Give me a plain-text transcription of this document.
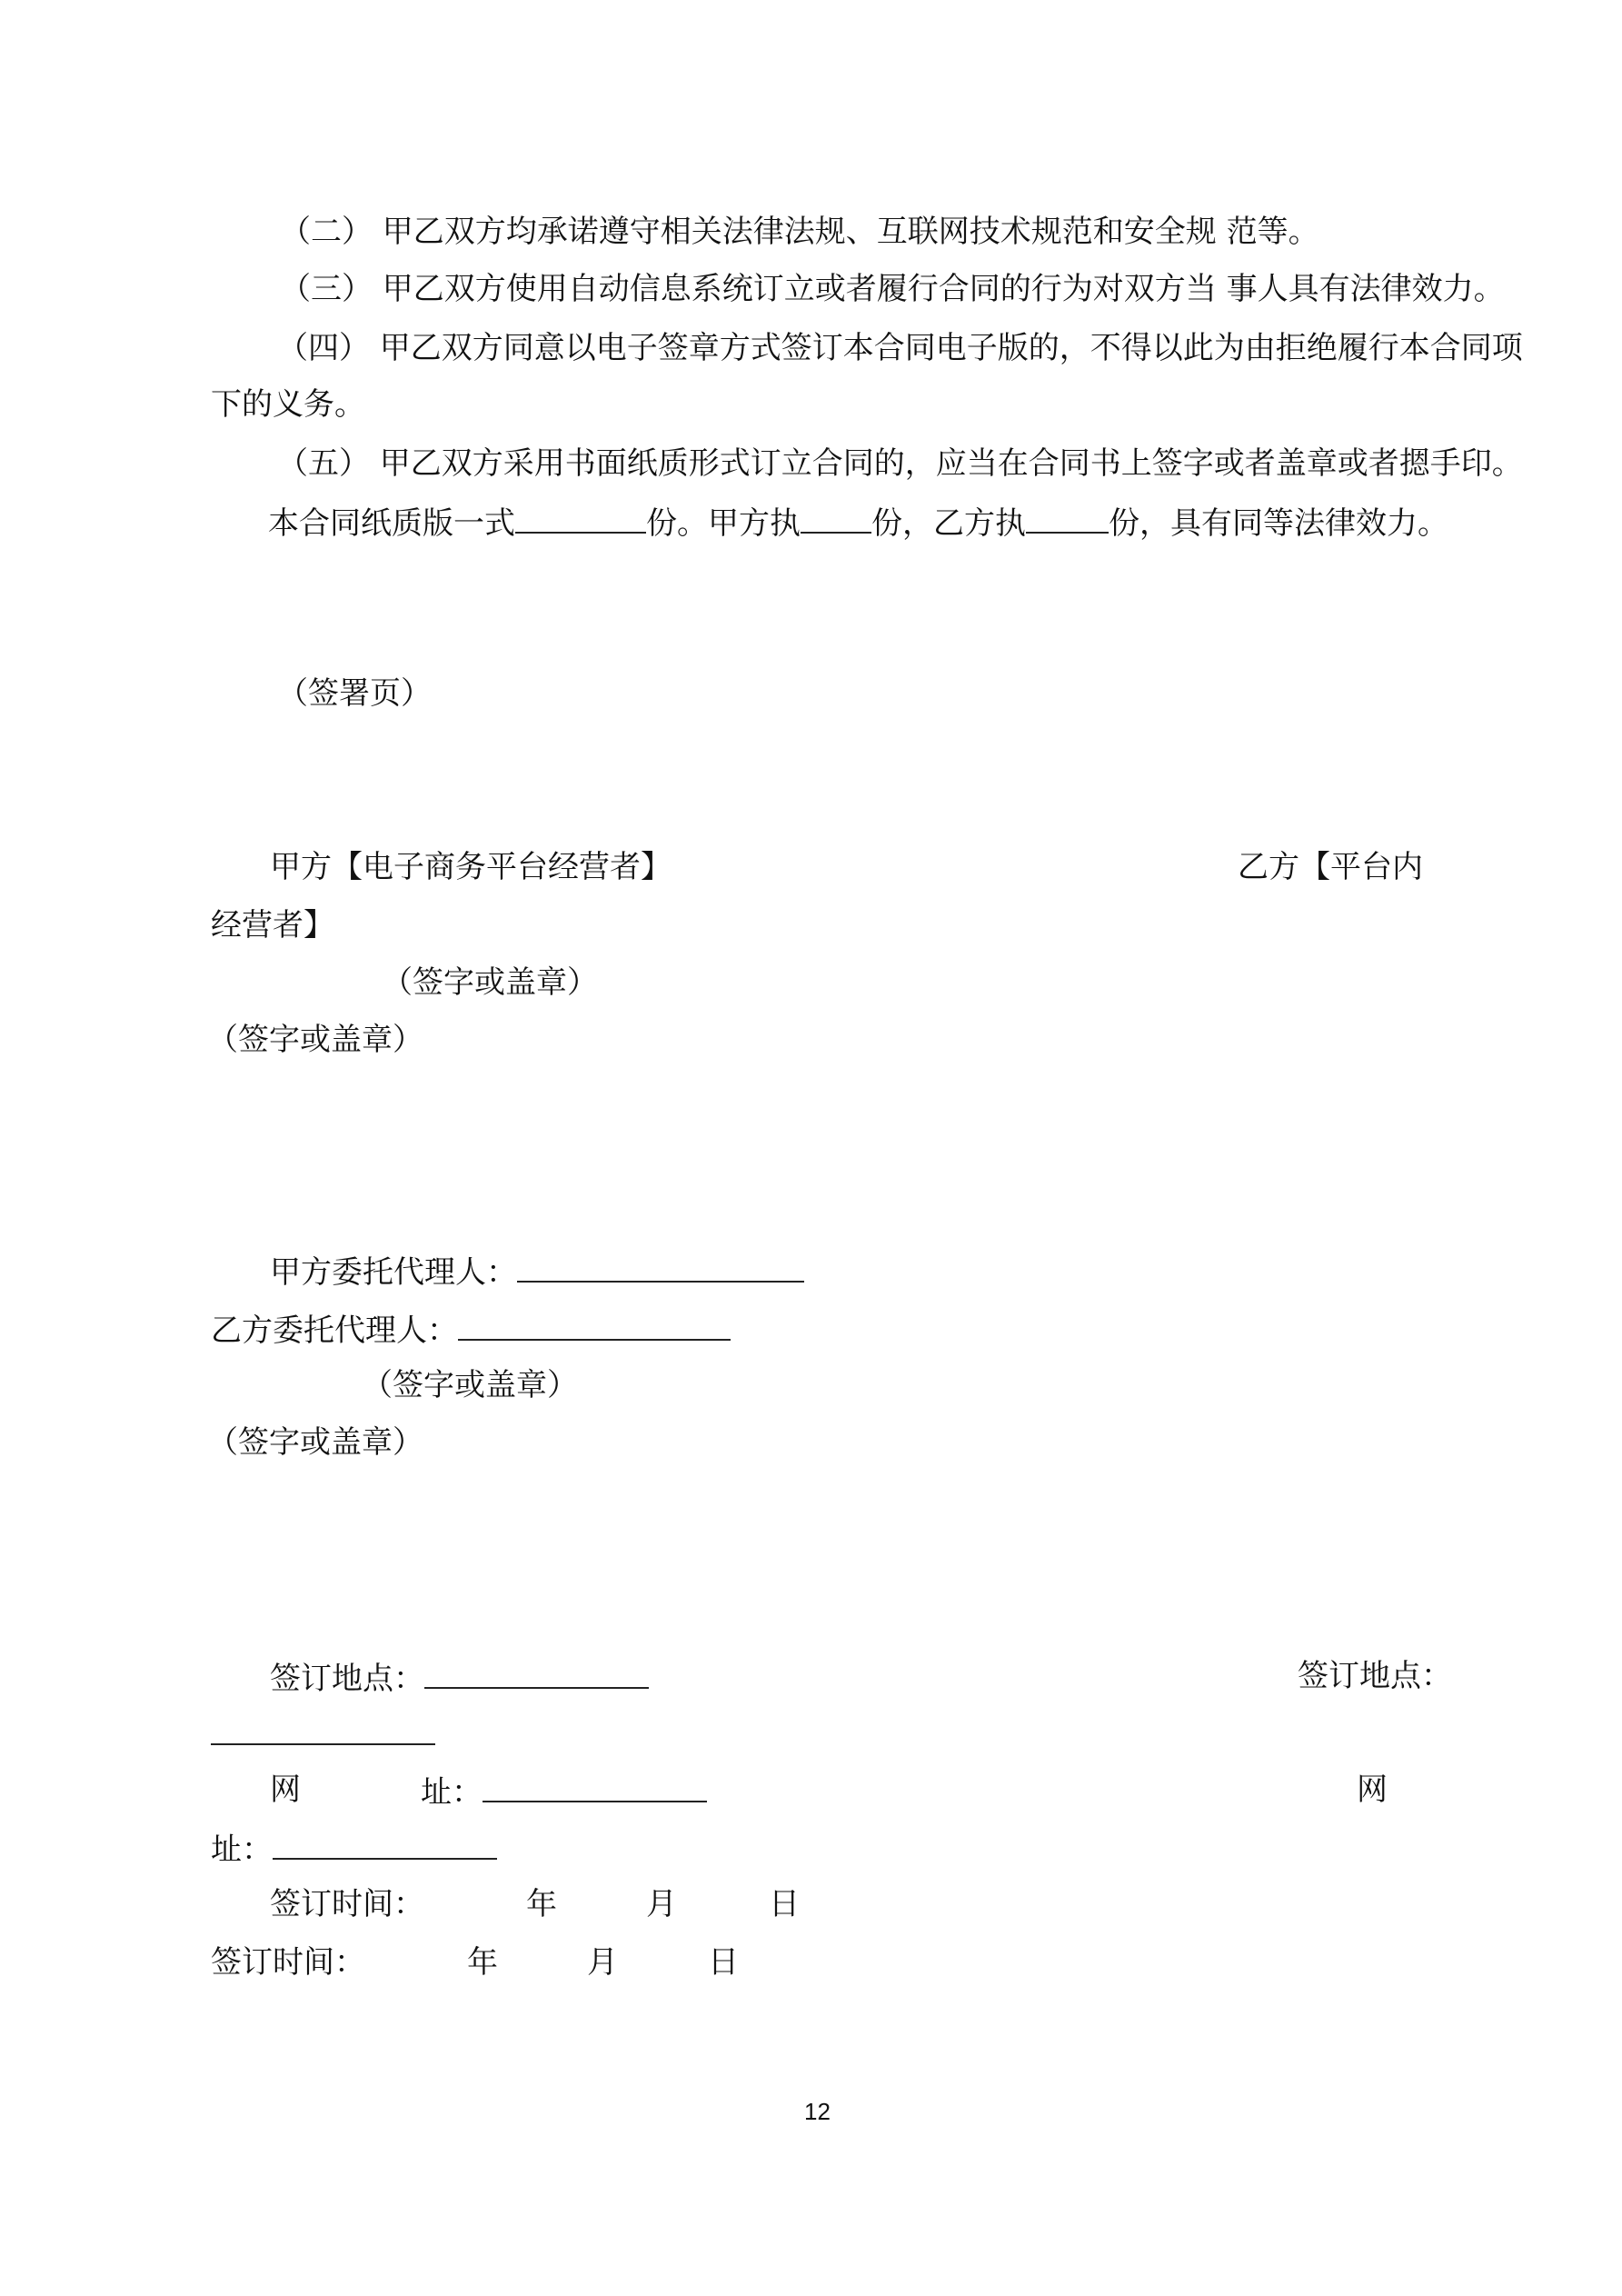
（二） 甲乙双方均承诺遵守相关法律法规、互联网技术规范和安全规 范等。
（三） 甲乙双方使用自动信息系统订立或者履行合同的行为对双方当 事人具有法律效力。
（四） 甲乙双方同意以电子签章方式签订本合同电子版的，不得以此为由拒绝履行本合同项
下的义务。
（五） 甲乙双方采用书面纸质形式订立合同的，应当在合同书上签字或者盖章或者摁手印。
本合同纸质版一式	份。甲方执 份，乙方执	份，具有同等法律效力。
（签署页）
甲方【电子商务平台经营者】	乙方【平台内
经营者】
（签字或盖章）
（签字或盖章）
甲方委托代理人：
乙方委托代理人：
（签字或盖章）
（签字或盖章）
签订地点：	签订地点：
网	址：	网
址：
签订时间：	年	月	日
签订时间：	年	月	日
12
